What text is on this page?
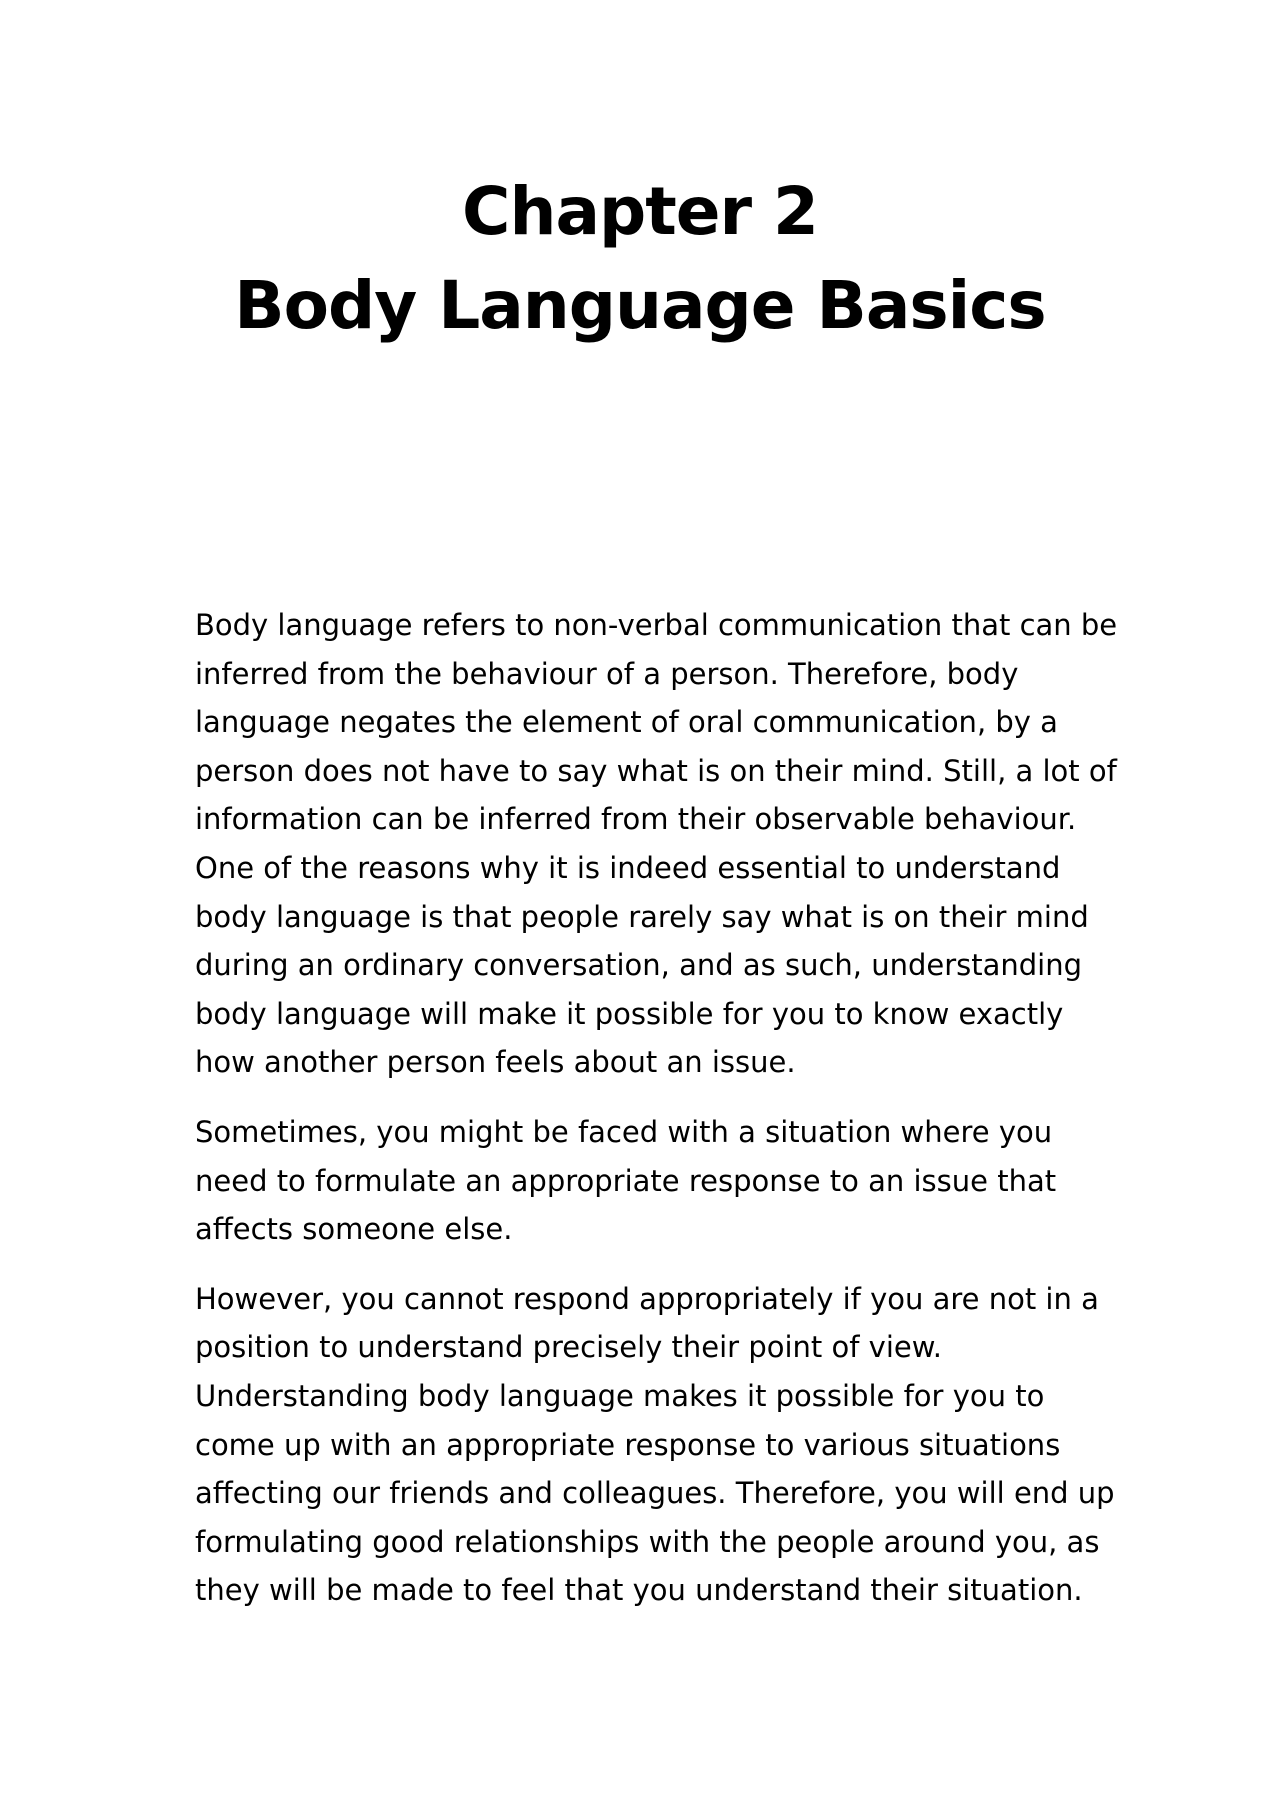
Chapter 2
Body Language Basics

Body language refers to non-verbal communication that can be
inferred from the behaviour of a person. Therefore, body
language negates the element of oral communication, by a
person does not have to say what is on their mind. Still, a lot of
information can be inferred from their observable behaviour.
One of the reasons why it is indeed essential to understand
body language is that people rarely say what is on their mind
during an ordinary conversation, and as such, understanding
body language will make it possible for you to know exactly
how another person feels about an issue.

Sometimes, you might be faced with a situation where you
need to formulate an appropriate response to an issue that
affects someone else.

However, you cannot respond appropriately if you are not in a
position to understand precisely their point of view.
Understanding body language makes it possible for you to
come up with an appropriate response to various situations
affecting our friends and colleagues. Therefore, you will end up
formulating good relationships with the people around you, as
they will be made to feel that you understand their situation.
